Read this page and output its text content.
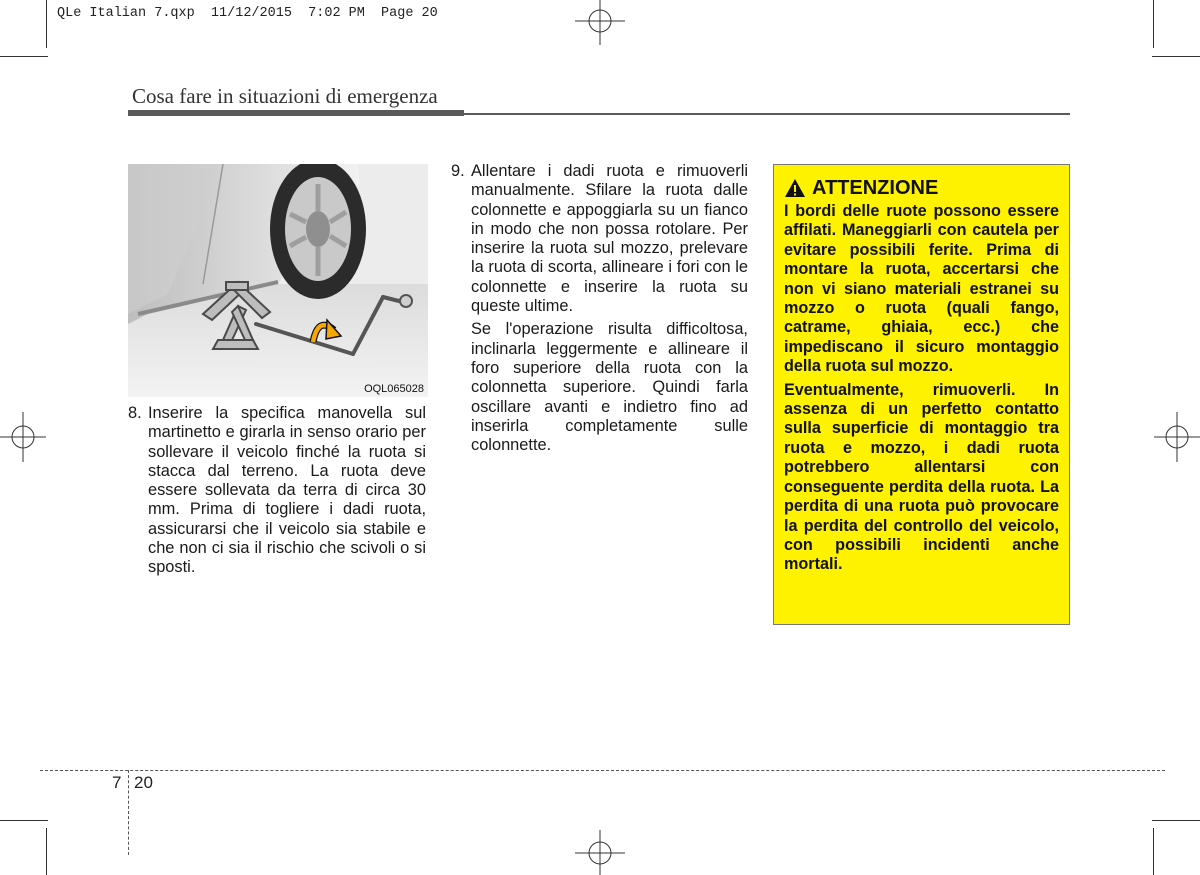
QLe Italian 7.qxp  11/12/2015  7:02 PM  Page 20
Cosa fare in situazioni di emergenza
OQL065028
8. Inserire la specifica manovella sul martinetto e girarla in senso orario per sollevare il veicolo finché la ruota si stacca dal terreno. La ruota deve essere sollevata da terra di circa 30 mm. Prima di togliere i dadi ruota, assicurarsi che il veicolo sia stabile e che non ci sia il rischio che scivoli o si sposti.
9. Allentare i dadi ruota e rimuoverli manualmente. Sfilare la ruota dalle colonnette e appoggiarla su un fianco in modo che non possa rotolare. Per inserire la ruota sul mozzo, prelevare la ruota di scorta, allineare i fori con le colonnette e inserire la ruota su queste ultime.
Se l'operazione risulta difficoltosa, inclinarla leggermente e allineare il foro superiore della ruota con la colonnetta superiore. Quindi farla oscillare avanti e indietro fino ad inserirla completamente sulle colonnette.
ATTENZIONE

I bordi delle ruote possono essere affilati. Maneggiarli con cautela per evitare possibili ferite. Prima di montare la ruota, accertarsi che non vi siano materiali estranei su mozzo o ruota (quali fango, catrame, ghiaia, ecc.) che impediscano il sicuro montaggio della ruota sul mozzo.

Eventualmente, rimuoverli. In assenza di un perfetto contatto sulla superficie di montaggio tra ruota e mozzo, i dadi ruota potrebbero allentarsi con conseguente perdita della ruota. La perdita di una ruota può provocare la perdita del controllo del veicolo, con possibili incidenti anche mortali.

7 20
